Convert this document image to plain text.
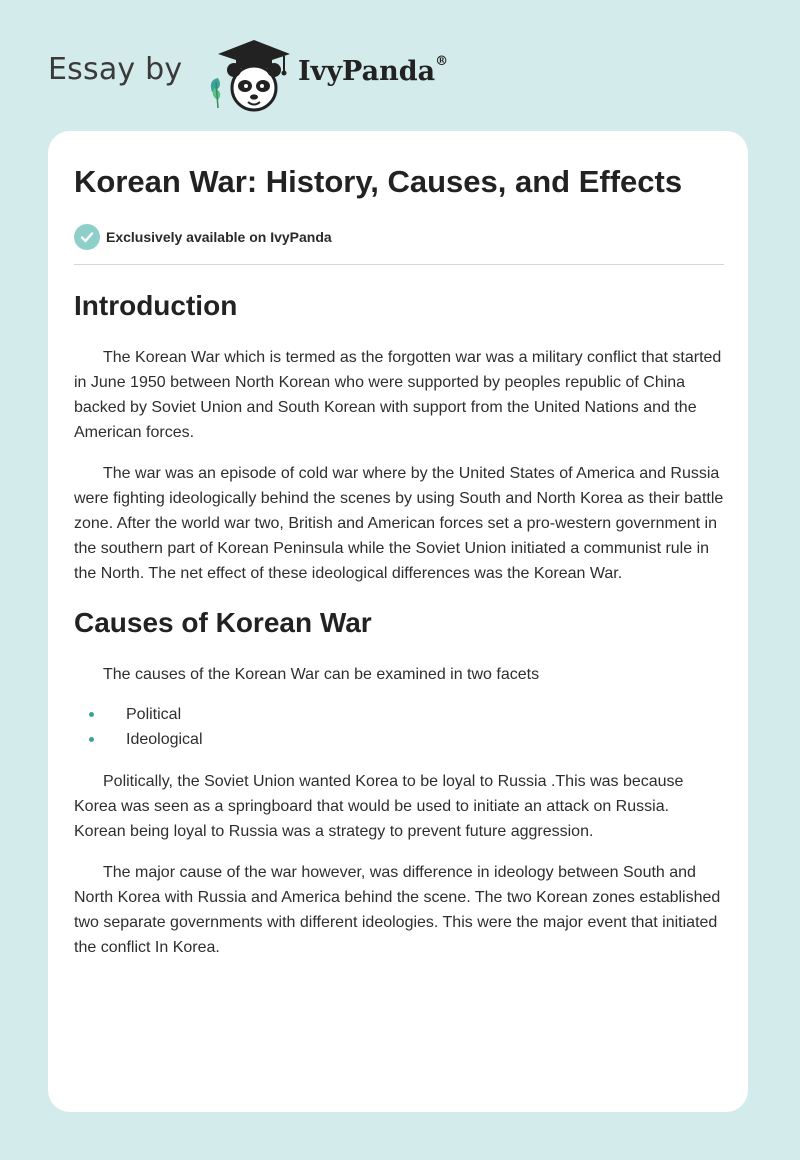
Essay by	IvyPanda®
Korean War: History, Causes, and Effects
Exclusively available on IvyPanda
Introduction

The Korean War which is termed as the forgotten war was a military conflict that started in June 1950 between North Korean who were supported by peoples republic of China backed by Soviet Union and South Korean with support from the United Nations and the American forces.

The war was an episode of cold war where by the United States of America and Russia were fighting ideologically behind the scenes by using South and North Korea as their battle zone. After the world war two, British and American forces set a pro-western government in the southern part of Korean Peninsula while the Soviet Union initiated a communist rule in the North. The net effect of these ideological differences was the Korean War.

Causes of Korean War

The causes of the Korean War can be examined in two facets

Political
Ideological

Politically, the Soviet Union wanted Korea to be loyal to Russia .This was because Korea was seen as a springboard that would be used to initiate an attack on Russia. Korean being loyal to Russia was a strategy to prevent future aggression.

The major cause of the war however, was difference in ideology between South and North Korea with Russia and America behind the scene. The two Korean zones established two separate governments with different ideologies. This were the major event that initiated the conflict In Korea.
